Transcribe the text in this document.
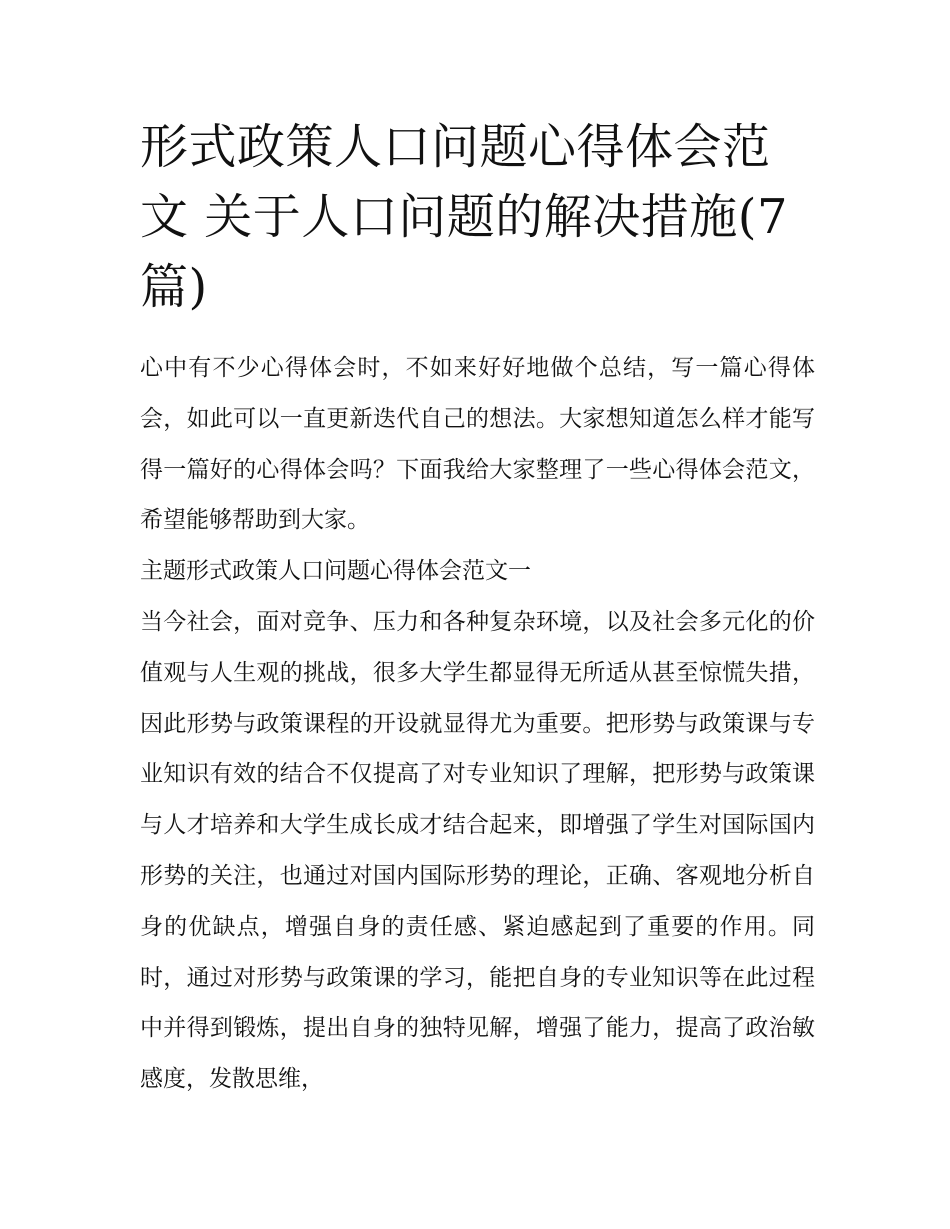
形式政策人口问题心得体会范文 关于人口问题的解决措施(7篇)

心中有不少心得体会时，不如来好好地做个总结，写一篇心得体会，如此可以一直更新迭代自己的想法。大家想知道怎么样才能写得一篇好的心得体会吗？下面我给大家整理了一些心得体会范文，希望能够帮助到大家。

主题形式政策人口问题心得体会范文一

当今社会，面对竞争、压力和各种复杂环境，以及社会多元化的价值观与人生观的挑战，很多大学生都显得无所适从甚至惊慌失措，因此形势与政策课程的开设就显得尤为重要。把形势与政策课与专业知识有效的结合不仅提高了对专业知识了理解，把形势与政策课与人才培养和大学生成长成才结合起来，即增强了学生对国际国内形势的关注，也通过对国内国际形势的理论，正确、客观地分析自身的优缺点，增强自身的责任感、紧迫感起到了重要的作用。同时，通过对形势与政策课的学习，能把自身的专业知识等在此过程中并得到锻炼，提出自身的独特见解，增强了能力，提高了政治敏感度，发散思维，
